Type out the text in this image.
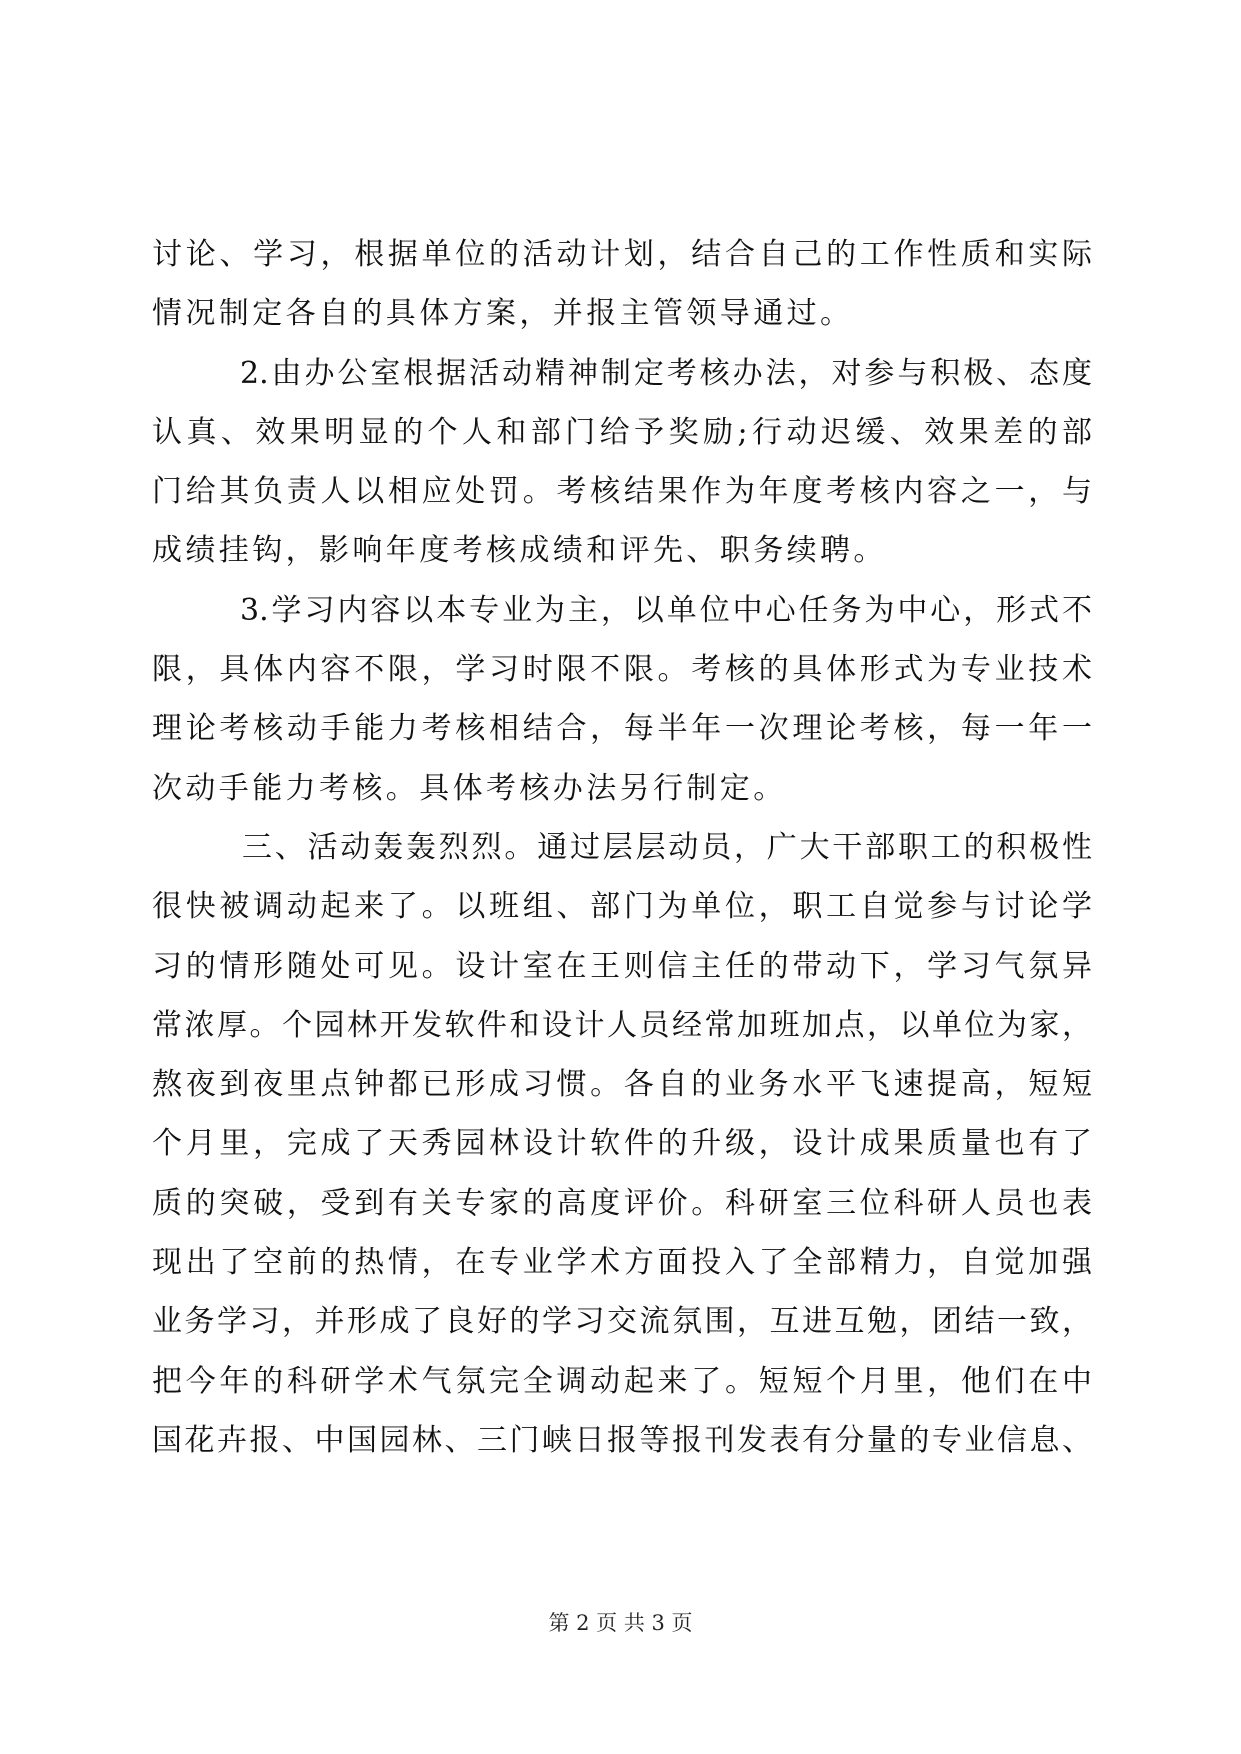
讨论、学习，根据单位的活动计划，结合自己的工作性质和实际
情况制定各自的具体方案，并报主管领导通过。
2.由办公室根据活动精神制定考核办法，对参与积极、态度
认真、效果明显的个人和部门给予奖励;行动迟缓、效果差的部
门给其负责人以相应处罚。考核结果作为年度考核内容之一，与
成绩挂钩，影响年度考核成绩和评先、职务续聘。
3.学习内容以本专业为主，以单位中心任务为中心，形式不
限，具体内容不限，学习时限不限。考核的具体形式为专业技术
理论考核动手能力考核相结合，每半年一次理论考核，每一年一
次动手能力考核。具体考核办法另行制定。
三、活动轰轰烈烈。通过层层动员，广大干部职工的积极性
很快被调动起来了。以班组、部门为单位，职工自觉参与讨论学
习的情形随处可见。设计室在王则信主任的带动下，学习气氛异
常浓厚。个园林开发软件和设计人员经常加班加点，以单位为家，
熬夜到夜里点钟都已形成习惯。各自的业务水平飞速提高，短短
个月里，完成了天秀园林设计软件的升级，设计成果质量也有了
质的突破，受到有关专家的高度评价。科研室三位科研人员也表
现出了空前的热情，在专业学术方面投入了全部精力，自觉加强
业务学习，并形成了良好的学习交流氛围，互进互勉，团结一致，
把今年的科研学术气氛完全调动起来了。短短个月里，他们在中
国花卉报、中国园林、三门峡日报等报刊发表有分量的专业信息、
第 2 页 共 3 页
